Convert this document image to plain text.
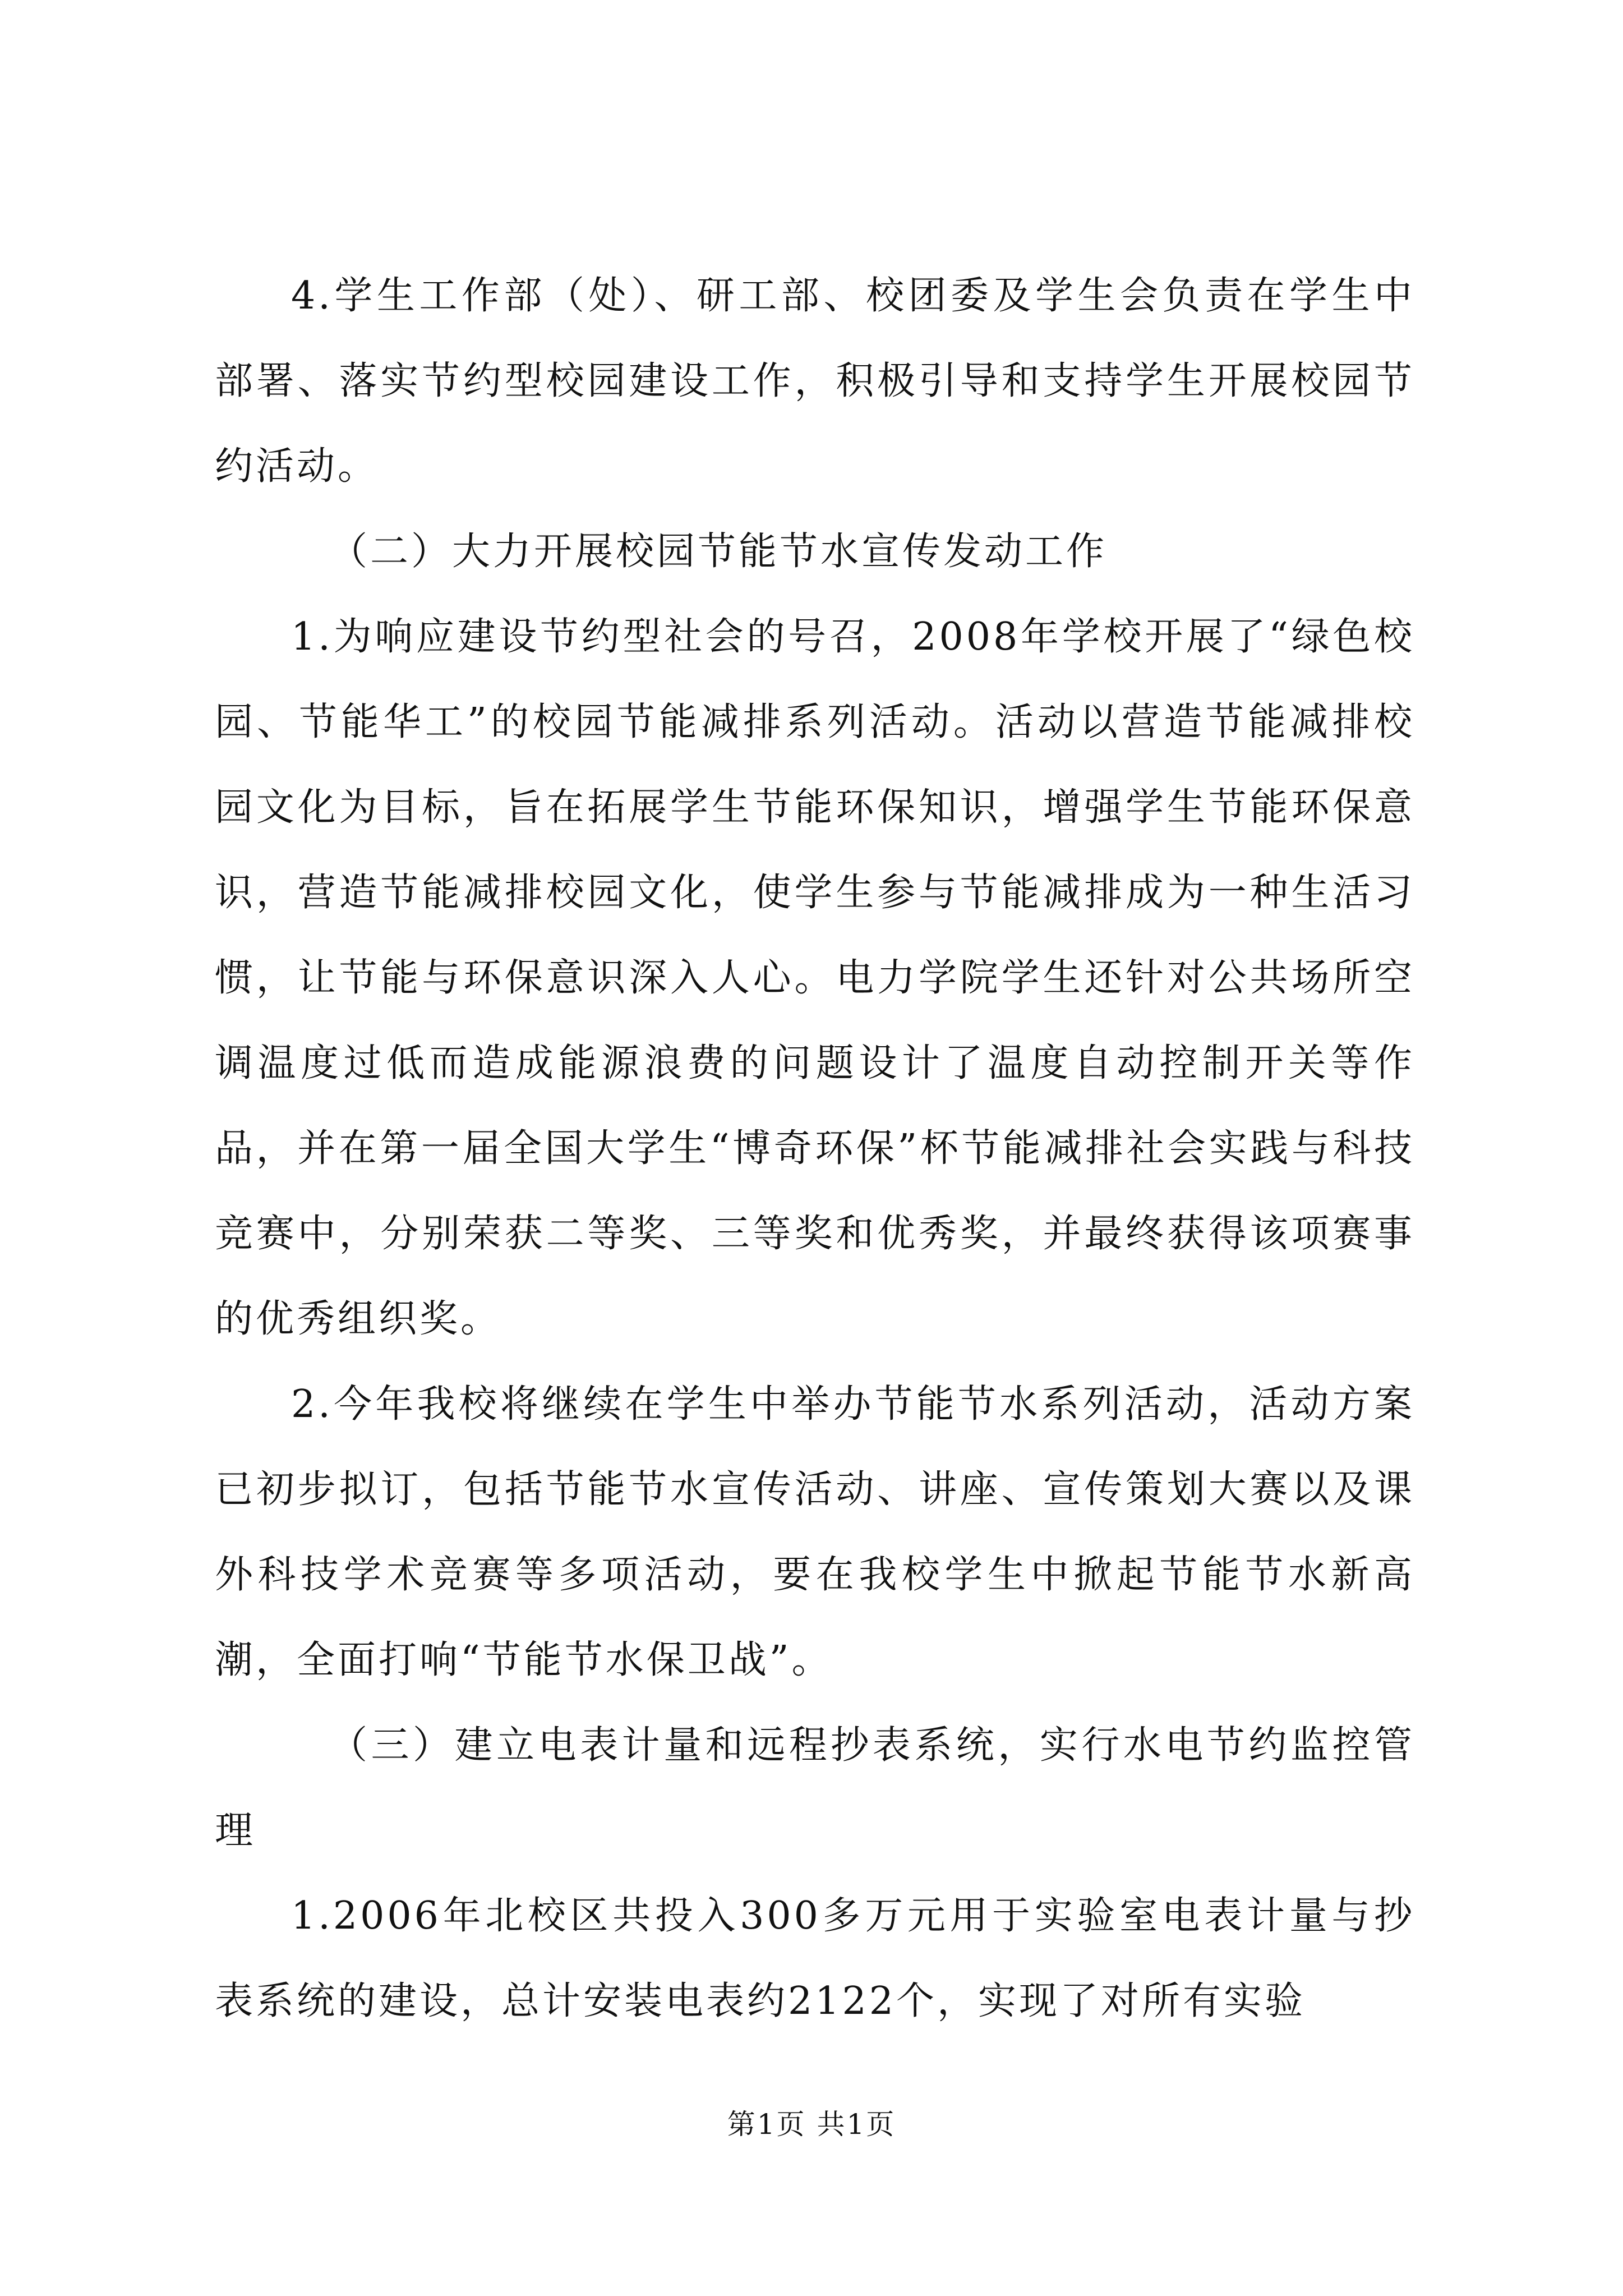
4.学生工作部（处）、研工部、校团委及学生会负责在学生中部署、落实节约型校园建设工作，积极引导和支持学生开展校园节约活动。

（二）大力开展校园节能节水宣传发动工作

1.为响应建设节约型社会的号召，2008年学校开展了“绿色校园、节能华工”的校园节能减排系列活动。活动以营造节能减排校园文化为目标，旨在拓展学生节能环保知识，增强学生节能环保意识，营造节能减排校园文化，使学生参与节能减排成为一种生活习惯，让节能与环保意识深入人心。电力学院学生还针对公共场所空调温度过低而造成能源浪费的问题设计了温度自动控制开关等作品，并在第一届全国大学生“博奇环保”杯节能减排社会实践与科技竞赛中，分别荣获二等奖、三等奖和优秀奖，并最终获得该项赛事的优秀组织奖。

2.今年我校将继续在学生中举办节能节水系列活动，活动方案已初步拟订，包括节能节水宣传活动、讲座、宣传策划大赛以及课外科技学术竞赛等多项活动，要在我校学生中掀起节能节水新高潮，全面打响“节能节水保卫战”。

（三）建立电表计量和远程抄表系统，实行水电节约监控管理

1.2006年北校区共投入300多万元用于实验室电表计量与抄表系统的建设，总计安装电表约2122个，实现了对所有实验

第1页 共1页
